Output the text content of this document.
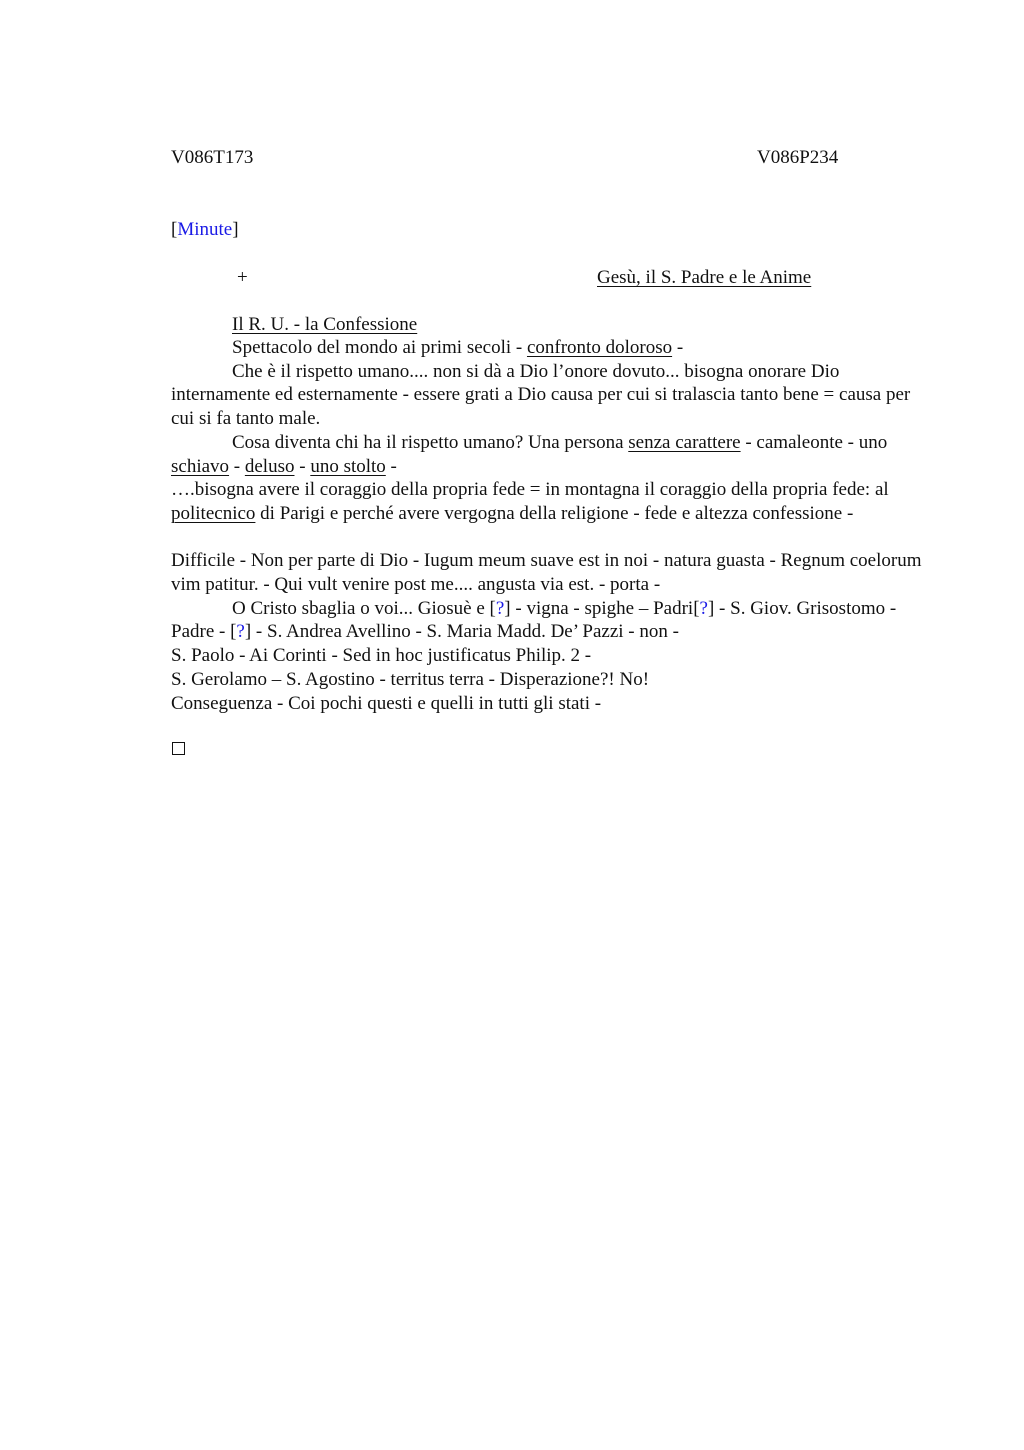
V086T173	V086P234
[Minute]
+	Gesù, il S. Padre e le Anime
Il R. U. - la Confessione

Spettacolo del mondo ai primi secoli - confronto doloroso -

Che è il rispetto umano.... non si dà a Dio l’onore dovuto... bisogna onorare Dio internamente ed esternamente - essere grati a Dio causa per cui si tralascia tanto bene = causa per cui si fa tanto male.

Cosa diventa chi ha il rispetto umano? Una persona senza carattere - camaleonte - uno schiavo - deluso - uno stolto -

….bisogna avere il coraggio della propria fede = in montagna il coraggio della propria fede: al politecnico di Parigi e perché avere vergogna della religione - fede e altezza confessione -

Difficile - Non per parte di Dio - Iugum meum suave est in noi - natura guasta - Regnum coelorum vim patitur. - Qui vult venire post me.... angusta via est. - porta -

O Cristo sbaglia o voi... Giosuè e [?] - vigna - spighe – Padri[?] - S. Giov. Grisostomo - Padre - [?] - S. Andrea Avellino - S. Maria Madd. De’ Pazzi - non -

S. Paolo - Ai Corinti - Sed in hoc justificatus Philip. 2 -

S. Gerolamo – S. Agostino - territus terra - Disperazione?! No!

Conseguenza - Coi pochi questi e quelli in tutti gli stati -
